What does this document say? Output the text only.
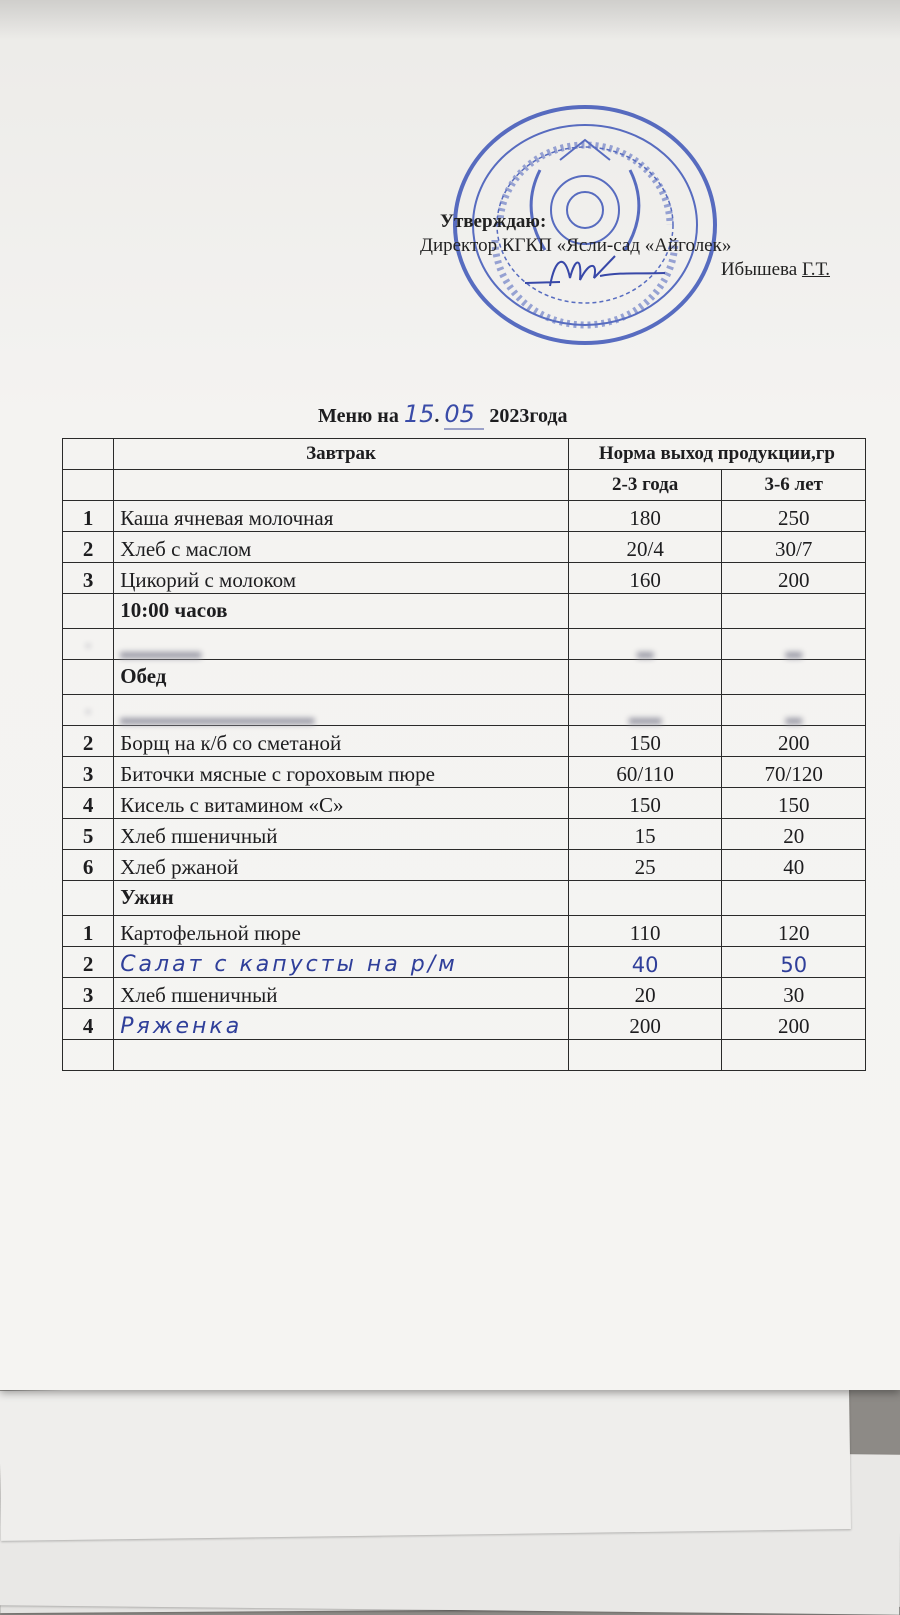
Утверждаю:
Директор КГКП «Ясли-сад «Айголек»
Ибышева Г.Т.
Меню на 15. 05 2023года
	Завтрак	Норма выход продукции,гр	
		2-3 года	3-6 лет
1	Каша ячневая молочная	180	250
2	Хлеб с маслом	20/4	30/7
3	Цикорий с молоком	160	200
	10:00 часов		
·	▂▂▂▂▂	▂	▂
	Обед		
·	▂▂▂▂▂▂▂▂▂▂▂▂	▂▂	▂
2	Борщ на к/б со сметаной	150	200
3	Биточки мясные с гороховым пюре	60/110	70/120
4	Кисель с витамином «С»	150	150
5	Хлеб пшеничный	15	20
6	Хлеб ржаной	25	40
	Ужин		
1	Картофельной пюре	110	120
2	Салат с капусты на р/м	40	50
3	Хлеб пшеничный	20	30
4	Ряженка	200	200
